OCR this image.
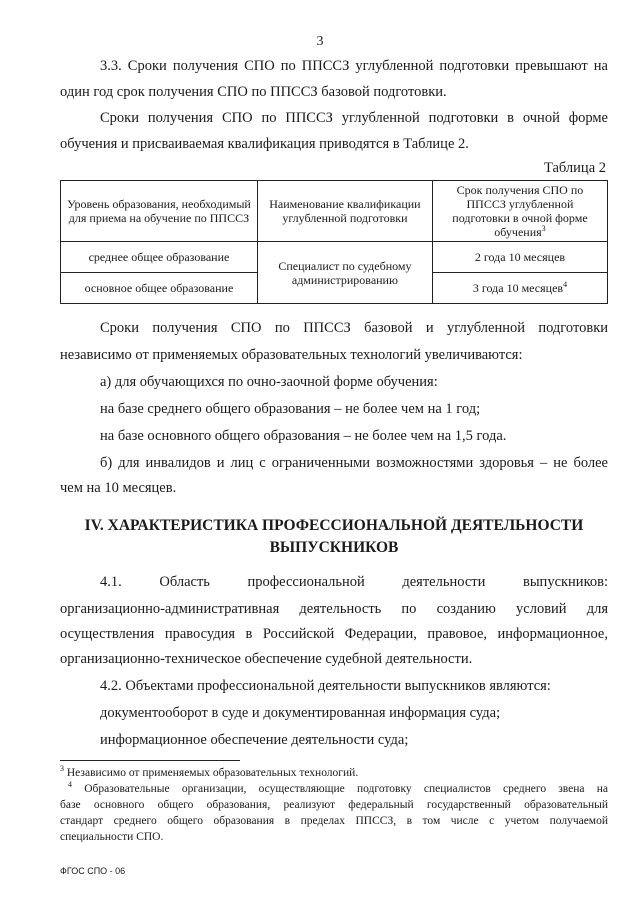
3
3.3. Сроки получения СПО по ППССЗ углубленной подготовки превышают на
один год срок получения СПО по ППССЗ базовой подготовки.
Сроки получения СПО по ППССЗ углубленной подготовки в очной форме
обучения и присваиваемая квалификация приводятся в Таблице 2.
Таблица 2
Уровень образования, необходимый для приема на обучение по ППССЗ	Наименование квалификации углубленной подготовки	Срок получения СПО по ППССЗ углубленной подготовки в очной форме обучения$^3$
среднее общее образование	Специалист по судебному администрированию	2 года 10 месяцев
основное общее образование		3 года 10 месяцев$^4$
Сроки получения СПО по ППССЗ базовой и углубленной подготовки
независимо от применяемых образовательных технологий увеличиваются:
а) для обучающихся по очно-заочной форме обучения:
на базе среднего общего образования – не более чем на 1 год;
на базе основного общего образования – не более чем на 1,5 года.
б) для инвалидов и лиц с ограниченными возможностями здоровья – не более
чем на 10 месяцев.
IV. ХАРАКТЕРИСТИКА ПРОФЕССИОНАЛЬНОЙ ДЕЯТЕЛЬНОСТИ
ВЫПУСКНИКОВ
4.1. Область профессиональной деятельности выпускников:
организационно-административная деятельность по созданию условий для
осуществления правосудия в Российской Федерации, правовое, информационное,
организационно-техническое обеспечение судебной деятельности.
4.2. Объектами профессиональной деятельности выпускников являются:
документооборот в суде и документированная информация суда;
информационное обеспечение деятельности суда;
$^3$ Независимо от применяемых образовательных технологий.
$^4$ Образовательные организации, осуществляющие подготовку специалистов среднего звена на
базе основного общего образования, реализуют федеральный государственный образовательный
стандарт среднего общего образования в пределах ППССЗ, в том числе с учетом получаемой
специальности СПО.
ФГОС СПО - 06
